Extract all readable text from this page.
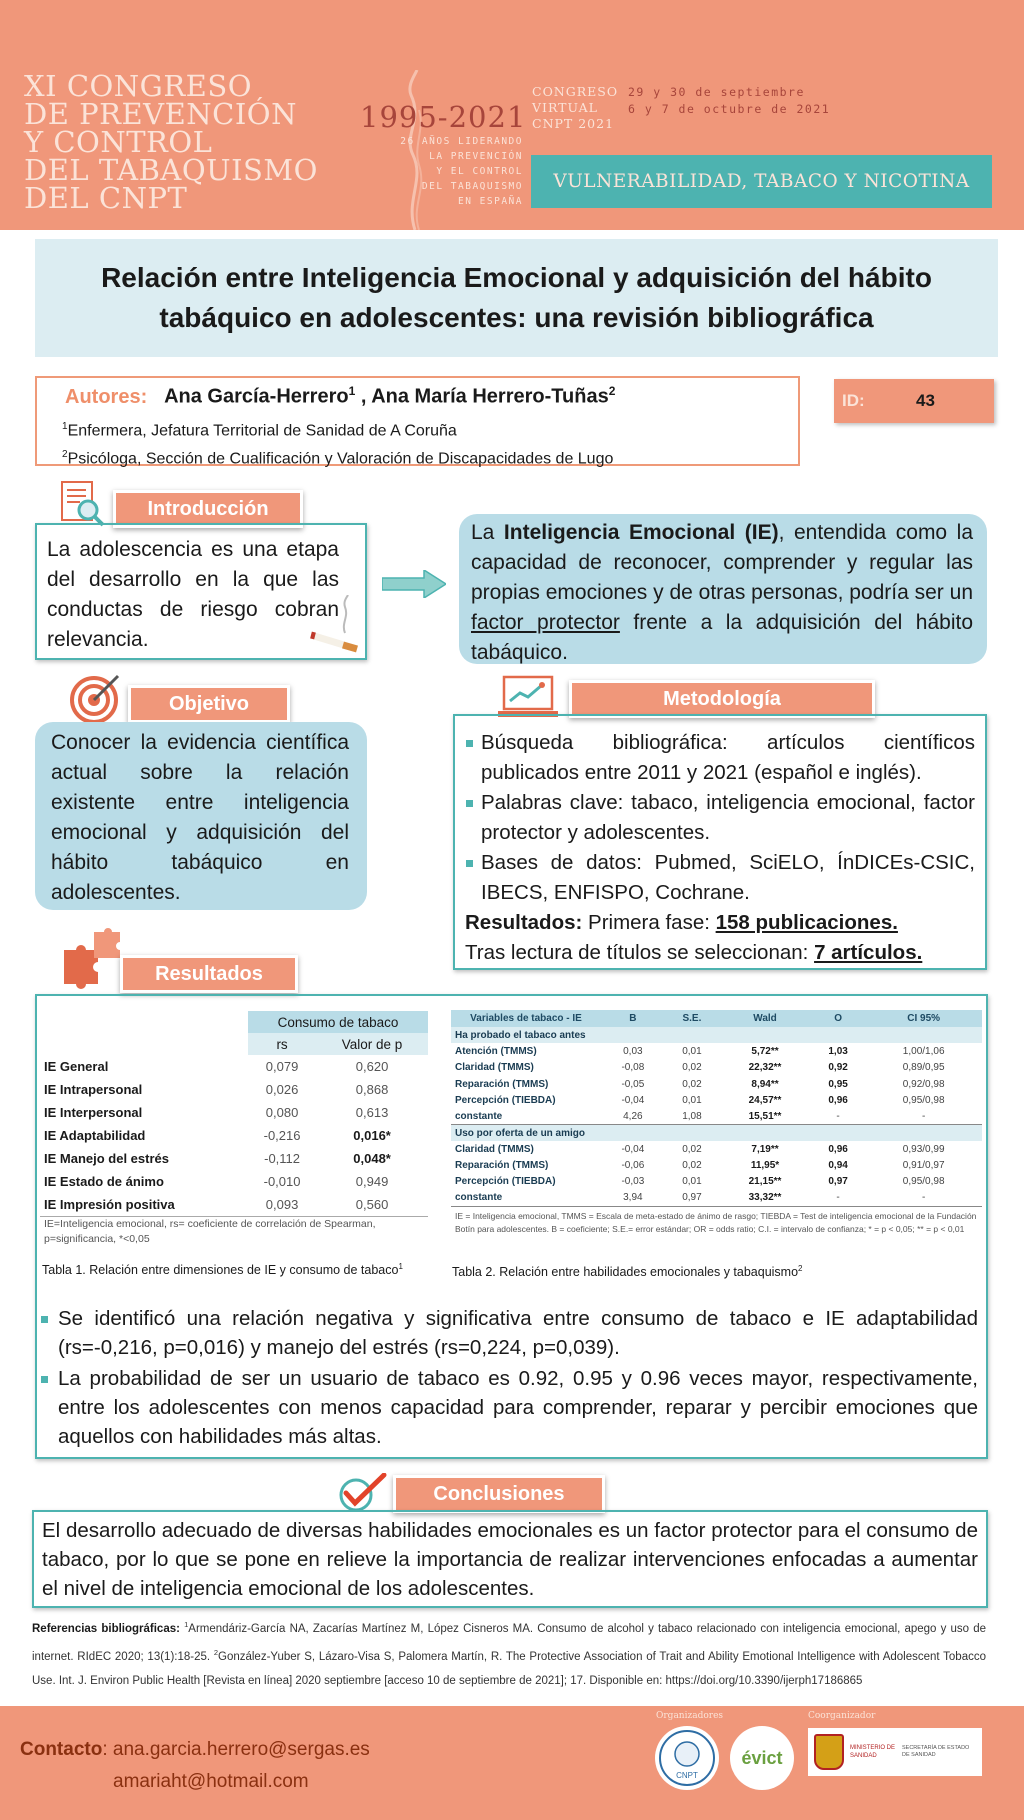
XI CONGRESO
DE PREVENCIÓN
Y CONTROL
DEL TABAQUISMO
DEL CNPT
1995-2021
26 AÑOS LIDERANDO
LA PREVENCIÓN
Y EL CONTROL
DEL TABAQUISMO
EN ESPAÑA
CONGRESO
VIRTUAL
CNPT 2021
29 y 30 de septiembre
6 y 7 de octubre de 2021
VULNERABILIDAD, TABACO Y NICOTINA
Relación entre Inteligencia Emocional y adquisición del hábito
tabáquico en adolescentes: una revisión bibliográfica
Autores: Ana García-Herrero$^1$ , Ana María Herrero-Tuñas$^2$
$^1$Enfermera, Jefatura Territorial de Sanidad de A Coruña
$^2$Psicóloga, Sección de Cualificación y Valoración de Discapacidades de Lugo
ID:	43
Introducción
La adolescencia es una etapa del desarrollo en la que las conductas de riesgo cobran relevancia.
La Inteligencia Emocional (IE), entendida como la capacidad de reconocer, comprender y regular las propias emociones y de otras personas, podría ser un factor protector frente a la adquisición del hábito tabáquico.
Objetivo
Conocer la evidencia científica actual sobre la relación existente entre inteligencia emocional y adquisición del hábito tabáquico en adolescentes.
Metodología
Búsqueda bibliográfica: artículos científicos publicados entre 2011 y 2021 (español e inglés).
Palabras clave: tabaco, inteligencia emocional, factor protector y adolescentes.
Bases de datos: Pubmed, SciELO, ÍnDICEs-CSIC, IBECS, ENFISPO, Cochrane.
Resultados: Primera fase: 158 publicaciones.
Tras lectura de títulos se seleccionan: 7 artículos.
Resultados
	Consumo de tabaco	
	rs	Valor de p
IE General	0,079	0,620
IE Intrapersonal	0,026	0,868
IE Interpersonal	0,080	0,613
IE Adaptabilidad	-0,216	0,016*
IE Manejo del estrés	-0,112	0,048*
IE Estado de ánimo	-0,010	0,949
IE Impresión positiva	0,093	0,560
IE=Inteligencia emocional, rs= coeficiente de correlación de Spearman, p=significancia, *<0,05
Tabla 1. Relación entre dimensiones de IE y consumo de tabaco$^1$
Variables de tabaco - IE	B	S.E.	Wald	O	CI 95%
Ha probado el tabaco antes					
Atención (TMMS)	0,03	0,01	5,72**	1,03	1,00/1,06
Claridad (TMMS)	-0,08	0,02	22,32**	0,92	0,89/0,95
Reparación (TMMS)	-0,05	0,02	8,94**	0,95	0,92/0,98
Percepción (TIEBDA)	-0,04	0,01	24,57**	0,96	0,95/0,98
constante	4,26	1,08	15,51**	-	-
Uso por oferta de un amigo					
Claridad (TMMS)	-0,04	0,02	7,19**	0,96	0,93/0,99
Reparación (TMMS)	-0,06	0,02	11,95*	0,94	0,91/0,97
Percepción (TIEBDA)	-0,03	0,01	21,15**	0,97	0,95/0,98
constante	3,94	0,97	33,32**	-	-
IE = Inteligencia emocional, TMMS = Escala de meta-estado de ánimo de rasgo; TIEBDA = Test de inteligencia emocional de la Fundación Botín para adolescentes. B = coeficiente; S.E.= error estándar; OR = odds ratio; C.I. = intervalo de confianza; * = p < 0,05; ** = p < 0,01
Tabla 2. Relación entre habilidades emocionales y tabaquismo$^2$
Se identificó una relación negativa y significativa entre consumo de tabaco e IE adaptabilidad (rs=-0,216, p=0,016) y manejo del estrés (rs=0,224, p=0,039).
La probabilidad de ser un usuario de tabaco es 0.92, 0.95 y 0.96 veces mayor, respectivamente, entre los adolescentes con menos capacidad para comprender, reparar y percibir emociones que aquellos con habilidades más altas.
Conclusiones
El desarrollo adecuado de diversas habilidades emocionales es un factor protector para el consumo de tabaco, por lo que se pone en relieve la importancia de realizar intervenciones enfocadas a aumentar el nivel de inteligencia emocional de los adolescentes.
Referencias bibliográficas: $^1$Armendáriz-García NA, Zacarías Martínez M, López Cisneros MA. Consumo de alcohol y tabaco relacionado con inteligencia emocional, apego y uso de internet. RIdEC 2020; 13(1):18-25. $^2$González-Yuber S, Lázaro-Visa S, Palomera Martín, R. The Protective Association of Trait and Ability Emotional Intelligence with Adolescent Tobacco Use. Int. J. Environ Public Health [Revista en línea] 2020 septiembre [acceso 10 de septiembre de 2021]; 17. Disponible en: https://doi.org/10.3390/ijerph17186865
Contacto: ana.garcia.herrero@sergas.es
amariaht@hotmail.com
Organizadores	Coorganizador
CNPT
évict	MINISTERIO DE SANIDAD
SECRETARÍA DE ESTADO DE SANIDAD
